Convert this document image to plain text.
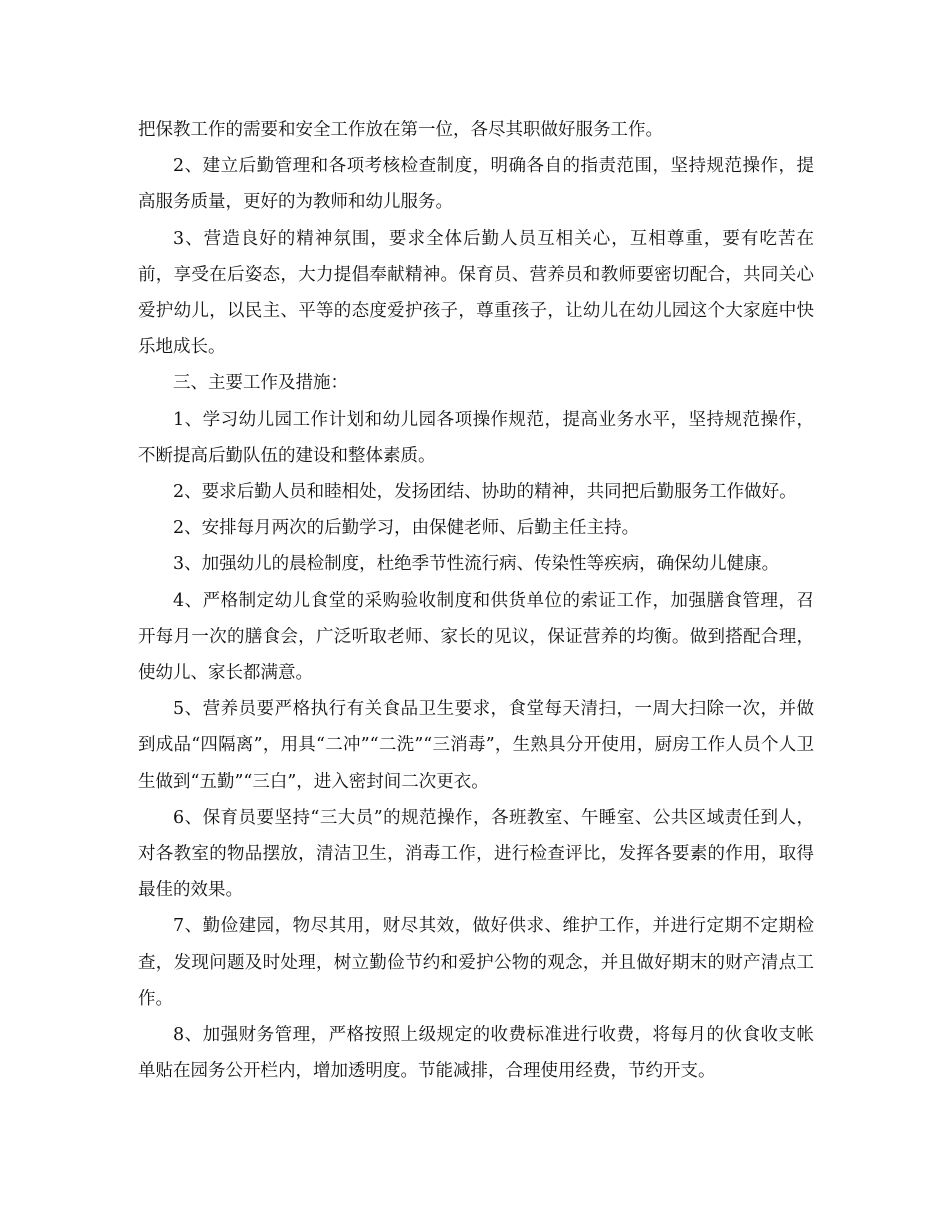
把保教工作的需要和安全工作放在第一位，各尽其职做好服务工作。

2、建立后勤管理和各项考核检查制度，明确各自的指责范围，坚持规范操作，提高服务质量，更好的为教师和幼儿服务。

3、营造良好的精神氛围，要求全体后勤人员互相关心，互相尊重，要有吃苦在前，享受在后姿态，大力提倡奉献精神。保育员、营养员和教师要密切配合，共同关心爱护幼儿，以民主、平等的态度爱护孩子，尊重孩子，让幼儿在幼儿园这个大家庭中快乐地成长。

三、主要工作及措施：

1、学习幼儿园工作计划和幼儿园各项操作规范，提高业务水平，坚持规范操作，不断提高后勤队伍的建设和整体素质。

2、要求后勤人员和睦相处，发扬团结、协助的精神，共同把后勤服务工作做好。

2、安排每月两次的后勤学习，由保健老师、后勤主任主持。

3、加强幼儿的晨检制度，杜绝季节性流行病、传染性等疾病，确保幼儿健康。

4、严格制定幼儿食堂的采购验收制度和供货单位的索证工作，加强膳食管理，召开每月一次的膳食会，广泛听取老师、家长的见议，保证营养的均衡。做到搭配合理，使幼儿、家长都满意。

5、营养员要严格执行有关食品卫生要求，食堂每天清扫，一周大扫除一次，并做到成品“四隔离”，用具“二冲”“二洗”“三消毒”，生熟具分开使用，厨房工作人员个人卫生做到“五勤”“三白”，进入密封间二次更衣。

6、保育员要坚持“三大员”的规范操作，各班教室、午睡室、公共区域责任到人，对各教室的物品摆放，清洁卫生，消毒工作，进行检查评比，发挥各要素的作用，取得最佳的效果。

7、勤俭建园，物尽其用，财尽其效，做好供求、维护工作，并进行定期不定期检查，发现问题及时处理，树立勤俭节约和爱护公物的观念，并且做好期末的财产清点工作。

8、加强财务管理，严格按照上级规定的收费标准进行收费，将每月的伙食收支帐单贴在园务公开栏内，增加透明度。节能减排，合理使用经费，节约开支。
